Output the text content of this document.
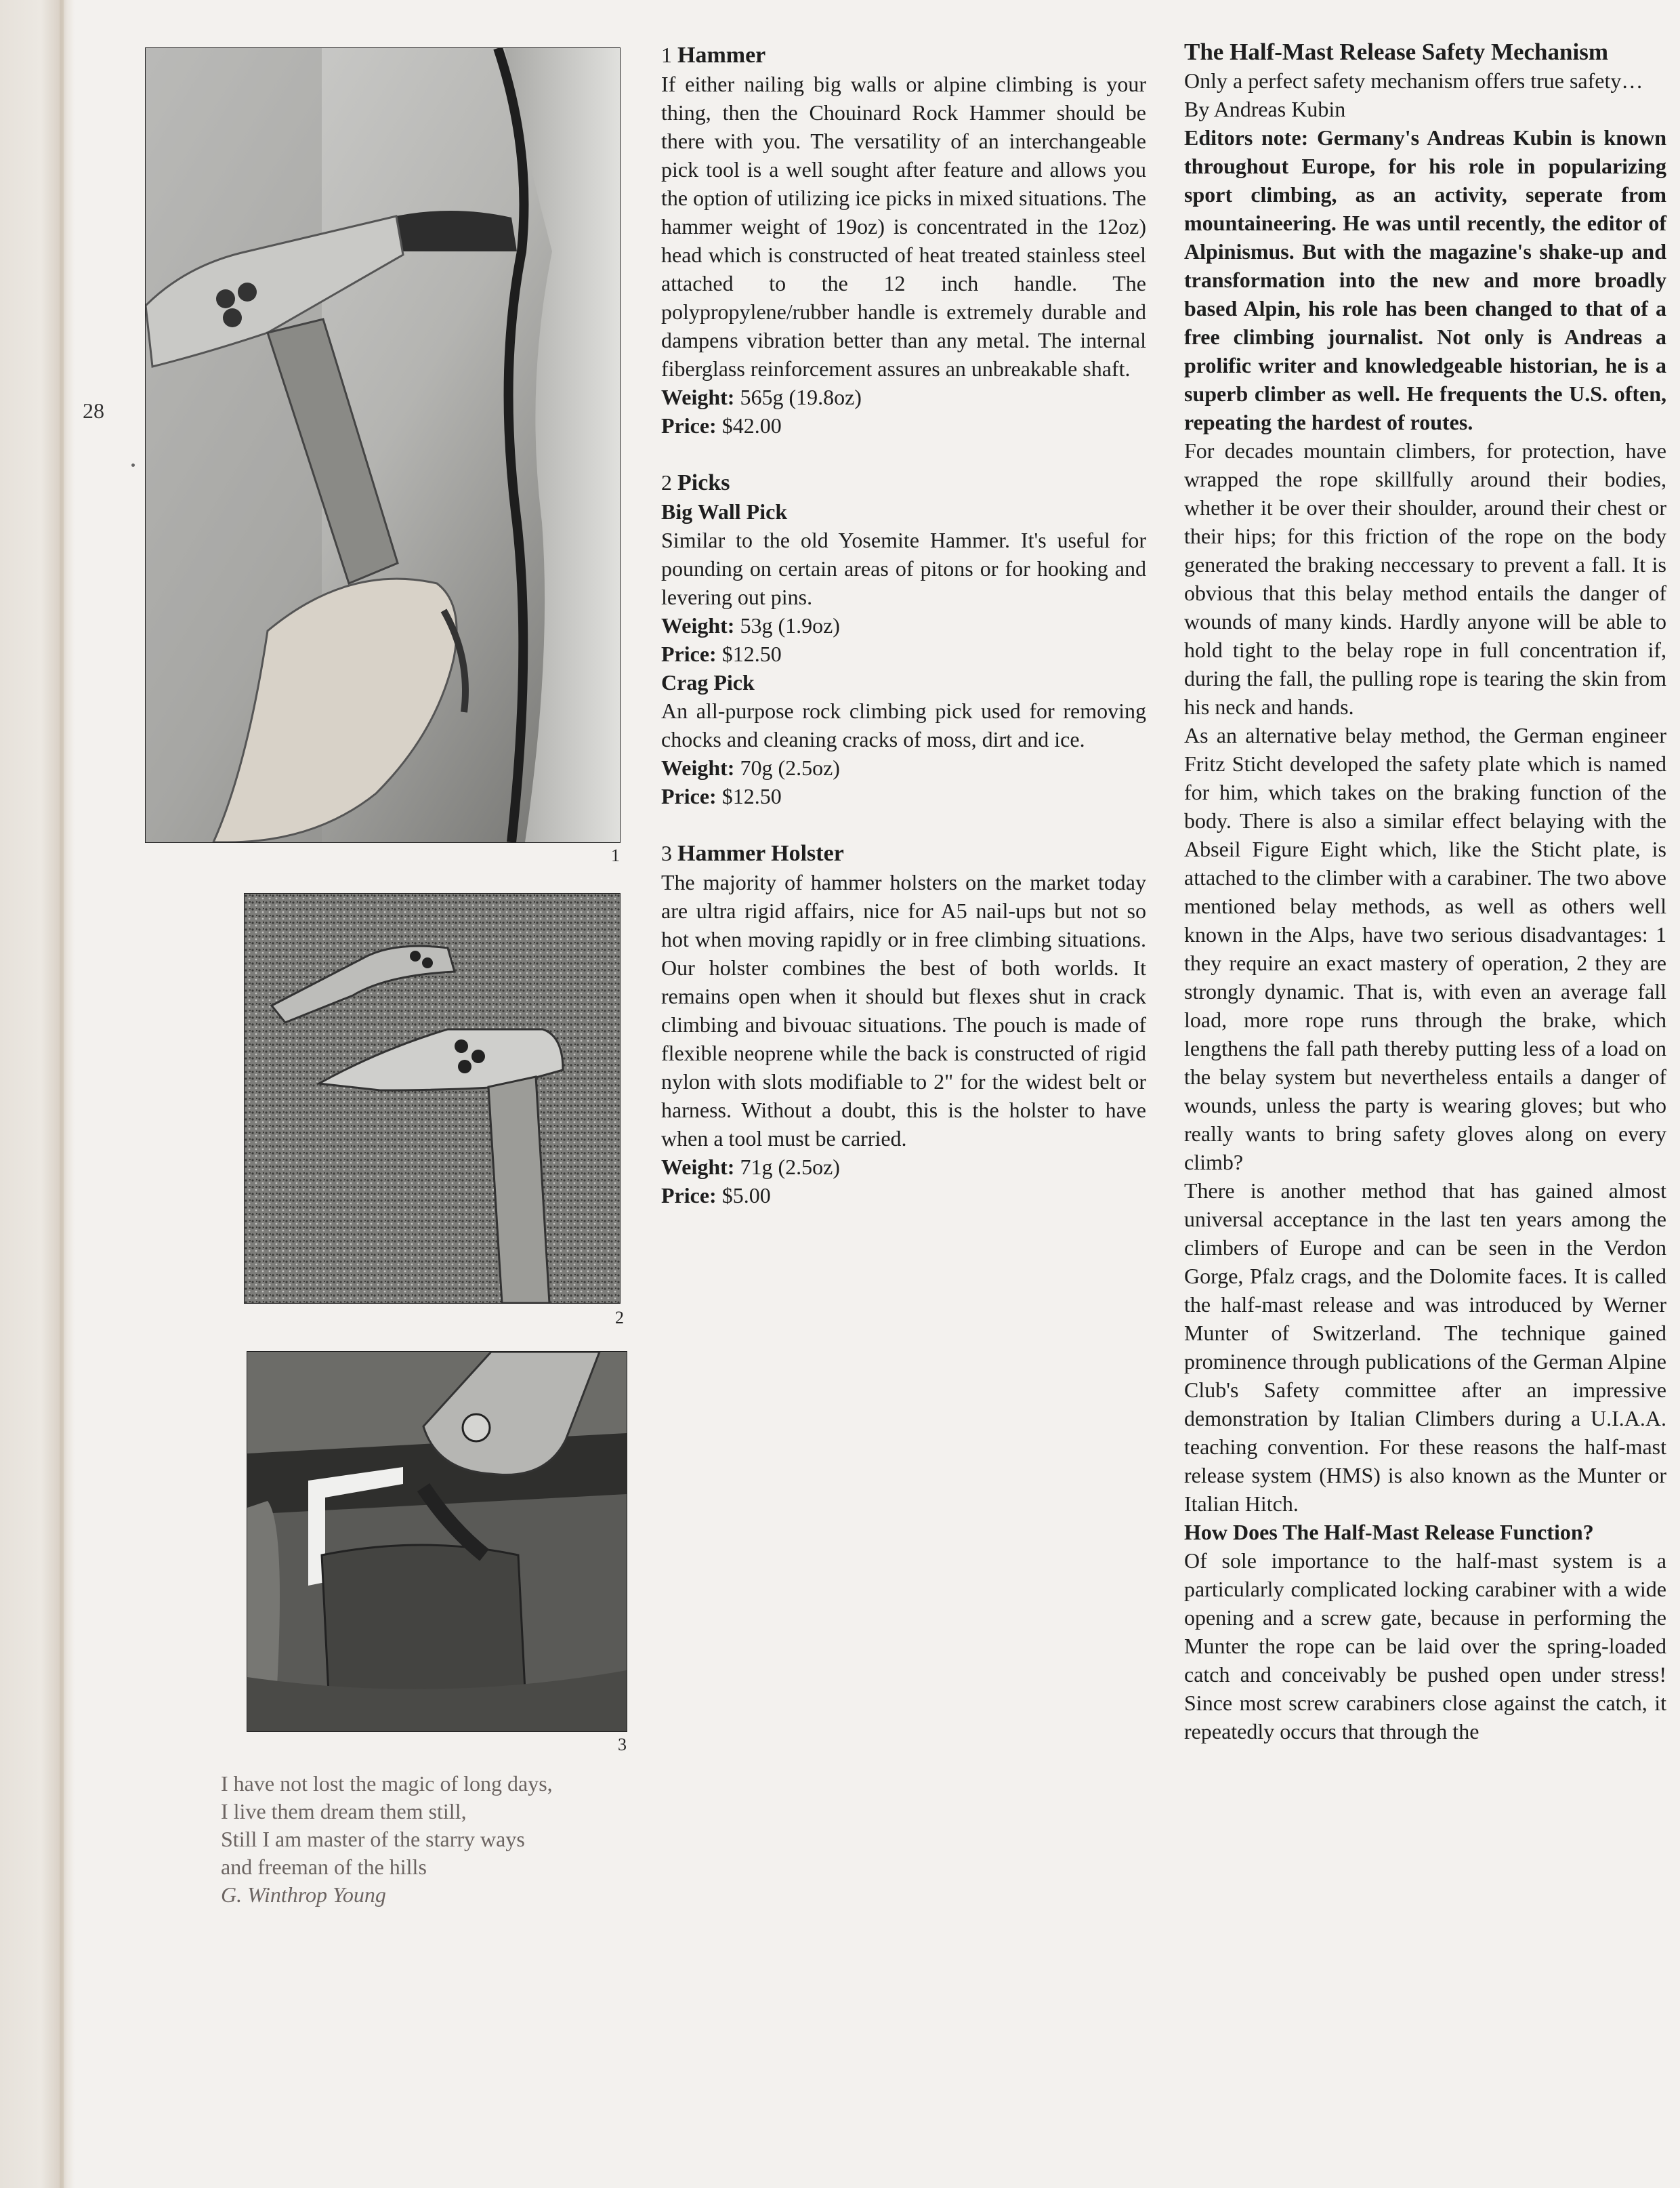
28
1
2
3

1 Hammer

If either nailing big walls or alpine climbing is your thing, then the Chouinard Rock Hammer should be there with you. The versatility of an interchangeable pick tool is a well sought after feature and allows you the option of utilizing ice picks in mixed situations. The hammer weight of 19oz) is concentrated in the 12oz) head which is constructed of heat treated stainless steel attached to the 12 inch handle. The polypropylene/rubber handle is extremely durable and dampens vibration better than any metal. The internal fiberglass reinforcement assures an unbreakable shaft.

Weight: 565g (19.8oz)

Price: $42.00

2 Picks

Big Wall Pick

Similar to the old Yosemite Hammer. It's useful for pounding on certain areas of pitons or for hooking and levering out pins.

Weight: 53g (1.9oz)

Price: $12.50

Crag Pick

An all-purpose rock climbing pick used for removing chocks and cleaning cracks of moss, dirt and ice.

Weight: 70g (2.5oz)

Price: $12.50

3 Hammer Holster

The majority of hammer holsters on the market today are ultra rigid affairs, nice for A5 nail-ups but not so hot when moving rapidly or in free climbing situations. Our holster combines the best of both worlds. It remains open when it should but flexes shut in crack climbing and bivouac situations. The pouch is made of flexible neoprene while the back is constructed of rigid nylon with slots modifiable to 2" for the widest belt or harness. Without a doubt, this is the holster to have when a tool must be carried.

Weight: 71g (2.5oz)

Price: $5.00

The Half-Mast Release Safety Mechanism

Only a perfect safety mechanism offers true safety…

By Andreas Kubin

Editors note: Germany's Andreas Kubin is known throughout Europe, for his role in popularizing sport climbing, as an activity, seperate from mountaineering. He was until recently, the editor of Alpinismus. But with the magazine's shake-up and transformation into the new and more broadly based Alpin, his role has been changed to that of a free climbing journalist. Not only is Andreas a prolific writer and knowledgeable historian, he is a superb climber as well. He frequents the U.S. often, repeating the hardest of routes.

For decades mountain climbers, for protection, have wrapped the rope skillfully around their bodies, whether it be over their shoulder, around their chest or their hips; for this friction of the rope on the body generated the braking neccessary to prevent a fall. It is obvious that this belay method entails the danger of wounds of many kinds. Hardly anyone will be able to hold tight to the belay rope in full concentration if, during the fall, the pulling rope is tearing the skin from his neck and hands.

As an alternative belay method, the German engineer Fritz Sticht developed the safety plate which is named for him, which takes on the braking function of the body. There is also a similar effect belaying with the Abseil Figure Eight which, like the Sticht plate, is attached to the climber with a carabiner. The two above mentioned belay methods, as well as others well known in the Alps, have two serious disadvantages: 1 they require an exact mastery of operation, 2 they are strongly dynamic. That is, with even an average fall load, more rope runs through the brake, which lengthens the fall path thereby putting less of a load on the belay system but nevertheless entails a danger of wounds, unless the party is wearing gloves; but who really wants to bring safety gloves along on every climb?

There is another method that has gained almost universal acceptance in the last ten years among the climbers of Europe and can be seen in the Verdon Gorge, Pfalz crags, and the Dolomite faces. It is called the half-mast release and was introduced by Werner Munter of Switzerland. The technique gained prominence through publications of the German Alpine Club's Safety committee after an impressive demonstration by Italian Climbers during a U.I.A.A. teaching convention. For these reasons the half-mast release system (HMS) is also known as the Munter or Italian Hitch.

How Does The Half-Mast Release Function?

Of sole importance to the half-mast system is a particularly complicated locking carabiner with a wide opening and a screw gate, because in performing the Munter the rope can be laid over the spring-loaded catch and conceivably be pushed open under stress! Since most screw carabiners close against the catch, it repeatedly occurs that through the

I have not lost the magic of long days,

I live them dream them still,

Still I am master of the starry ways

and freeman of the hills

G. Winthrop Young
